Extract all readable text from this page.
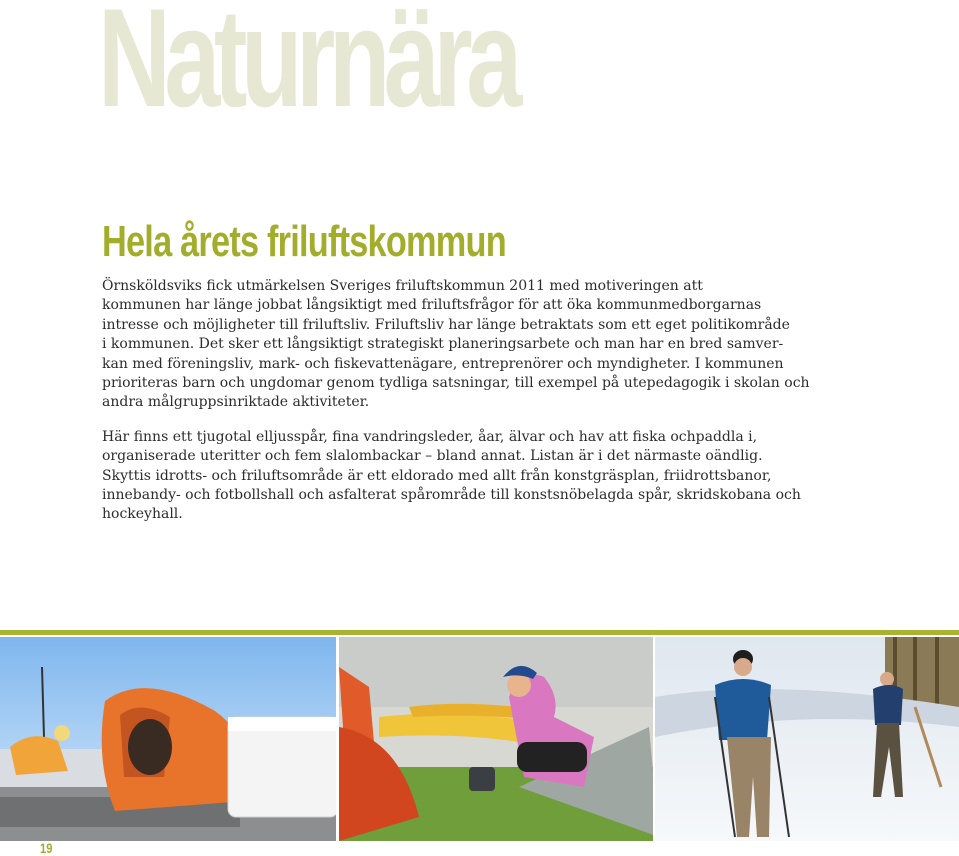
Naturnära
Hela årets friluftskommun
Örnsköldsviks fick utmärkelsen Sveriges friluftskommun 2011 med motiveringen att
kommunen har länge jobbat långsiktigt med friluftsfrågor för att öka kommunmedborgarnas
intresse och möjligheter till friluftsliv. Friluftsliv har länge betraktats som ett eget politikområde
i kommunen. Det sker ett långsiktigt strategiskt planeringsarbete och man har en bred samver-
kan med föreningsliv, mark- och fiskevattenägare, entreprenörer och myndigheter. I kommunen
prioriteras barn och ungdomar genom tydliga satsningar, till exempel på utepedagogik i skolan och
andra målgruppsinriktade aktiviteter.
Här finns ett tjugotal elljusspår, fina vandringsleder, åar, älvar och hav att fiska ochpaddla i,
organiserade uteritter och fem slalombackar – bland annat. Listan är i det närmaste oändlig.
Skyttis idrotts- och friluftsområde är ett eldorado med allt från konstgräsplan, friidrottsbanor,
innebandy- och fotbollshall och asfalterat spårområde till konstsnöbelagda spår, skridskobana och
hockeyhall.
19
